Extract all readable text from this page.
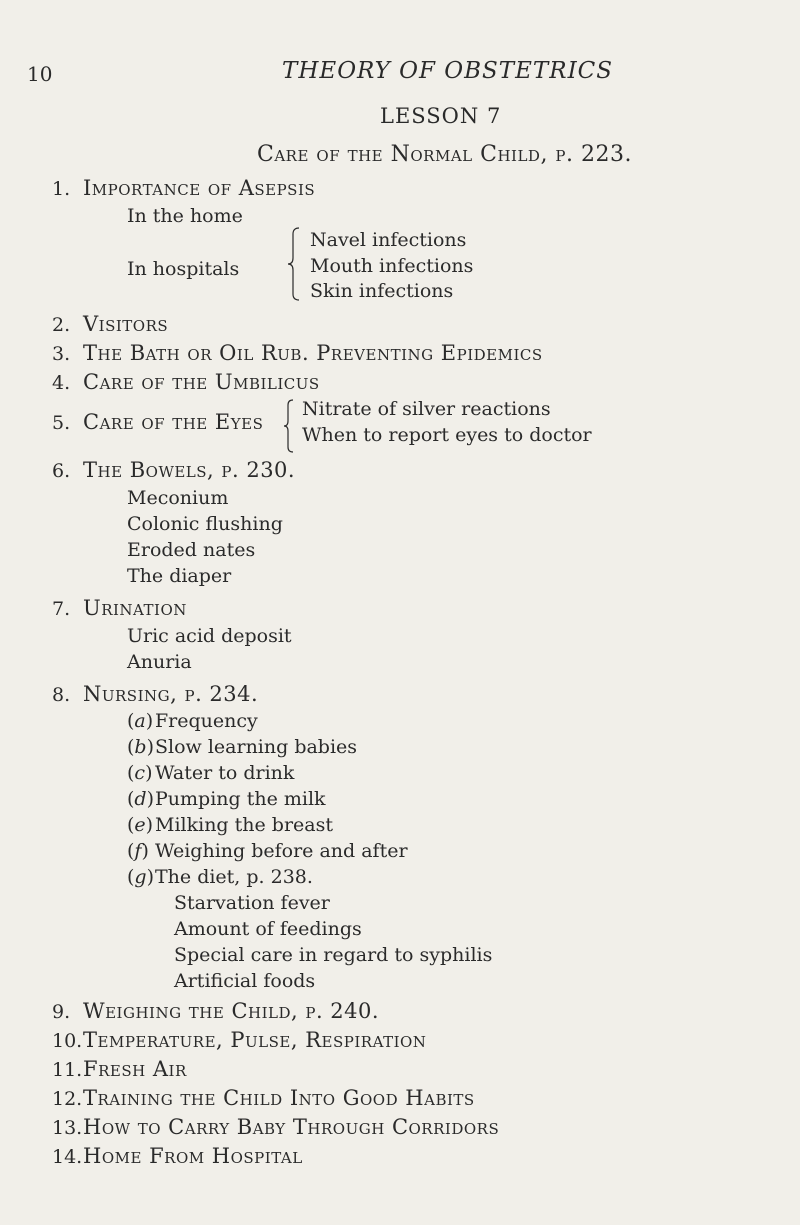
10	THEORY OF OBSTETRICS
LESSON 7
Care of the Normal Child, p. 223.
1. Importance of Asepsis
In the home
In hospitals
Navel infections
Mouth infections
Skin infections
2. Visitors
3. The Bath or Oil Rub. Preventing Epidemics
4. Care of the Umbilicus
5. Care of the Eyes
Nitrate of silver reactions
When to report eyes to doctor
6. The Bowels, p. 230.
Meconium
Colonic flushing
Eroded nates
The diaper
7. Urination
Uric acid deposit
Anuria
8. Nursing, p. 234.
(a)Frequency
(b)Slow learning babies
(c) Water to drink
(d)Pumping the milk
(e) Milking the breast
(f) Weighing before and after
(g)The diet, p. 238.
Starvation fever
Amount of feedings
Special care in regard to syphilis
Artificial foods
9. Weighing the Child, p. 240.
10. Temperature, Pulse, Respiration
11. Fresh Air
12. Training the Child Into Good Habits
13. How to Carry Baby Through Corridors
14. Home From Hospital
